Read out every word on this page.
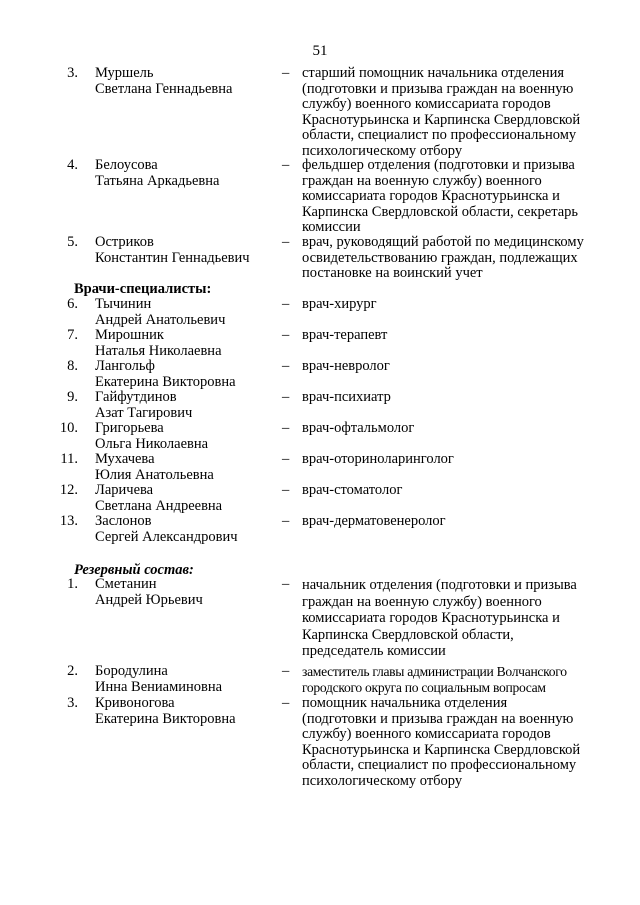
51
3. Муршель
Светлана Геннадьевна
– старший помощник начальника отделения
(подготовки и призыва граждан на военную
службу) военного комиссариата городов
Краснотурьинска и Карпинска Свердловской
области, специалист по профессиональному
психологическому отбору
4. Белоусова
Татьяна Аркадьевна
– фельдшер отделения (подготовки и призыва
граждан на военную службу) военного
комиссариата городов Краснотурьинска и
Карпинска Свердловской области, секретарь
комиссии
5. Остриков
Константин Геннадьевич
– врач, руководящий работой по медицинскому
освидетельствованию граждан, подлежащих
постановке на воинский учет
Врачи-специалисты:
6. Тычинин
Андрей Анатольевич
– врач-хирург
7. Мирошник
Наталья Николаевна
– врач-терапевт
8. Лангольф
Екатерина Викторовна
– врач-невролог
9. Гайфутдинов
Азат Тагирович
– врач-психиатр
10. Григорьева
Ольга Николаевна
– врач-офтальмолог
11. Мухачева
Юлия Анатольевна
– врач-оториноларинголог
12. Ларичева
Светлана Андреевна
– врач-стоматолог
13. Заслонов
Сергей Александрович
– врач-дерматовенеролог
Резервный состав:
1. Сметанин
Андрей Юрьевич
– начальник отделения (подготовки и призыва
граждан на военную службу) военного
комиссариата городов Краснотурьинска и
Карпинска Свердловской области,
председатель комиссии
2. Бородулина
Инна Вениаминовна
– заместитель главы администрации Волчанского
городского округа по социальным вопросам
3. Кривоногова
Екатерина Викторовна
– помощник начальника отделения
(подготовки и призыва граждан на военную
службу) военного комиссариата городов
Краснотурьинска и Карпинска Свердловской
области, специалист по профессиональному
психологическому отбору
